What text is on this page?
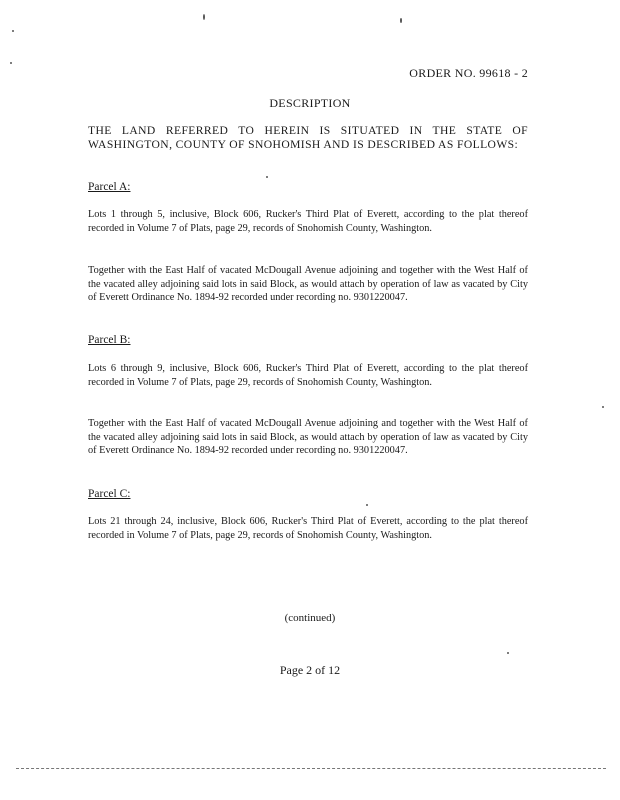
ORDER NO. 99618 - 2
DESCRIPTION
THE LAND REFERRED TO HEREIN IS SITUATED IN THE STATE OF WASHINGTON, COUNTY OF SNOHOMISH AND IS DESCRIBED AS FOLLOWS:
Parcel A:
Lots 1 through 5, inclusive, Block 606, Rucker's Third Plat of Everett, according to the plat thereof recorded in Volume 7 of Plats, page 29, records of Snohomish County, Washington.
Together with the East Half of vacated McDougall Avenue adjoining and together with the West Half of the vacated alley adjoining said lots in said Block, as would attach by operation of law as vacated by City of Everett Ordinance No. 1894-92 recorded under recording no. 9301220047.
Parcel B:
Lots 6 through 9, inclusive, Block 606, Rucker's Third Plat of Everett, according to the plat thereof recorded in Volume 7 of Plats, page 29, records of Snohomish County, Washington.
Together with the East Half of vacated McDougall Avenue adjoining and together with the West Half of the vacated alley adjoining said lots in said Block, as would attach by operation of law as vacated by City of Everett Ordinance No. 1894-92 recorded under recording no. 9301220047.
Parcel C:
Lots 21 through 24, inclusive, Block 606, Rucker's Third Plat of Everett, according to the plat thereof recorded in Volume 7 of Plats, page 29, records of Snohomish County, Washington.
(continued)
Page 2 of 12
